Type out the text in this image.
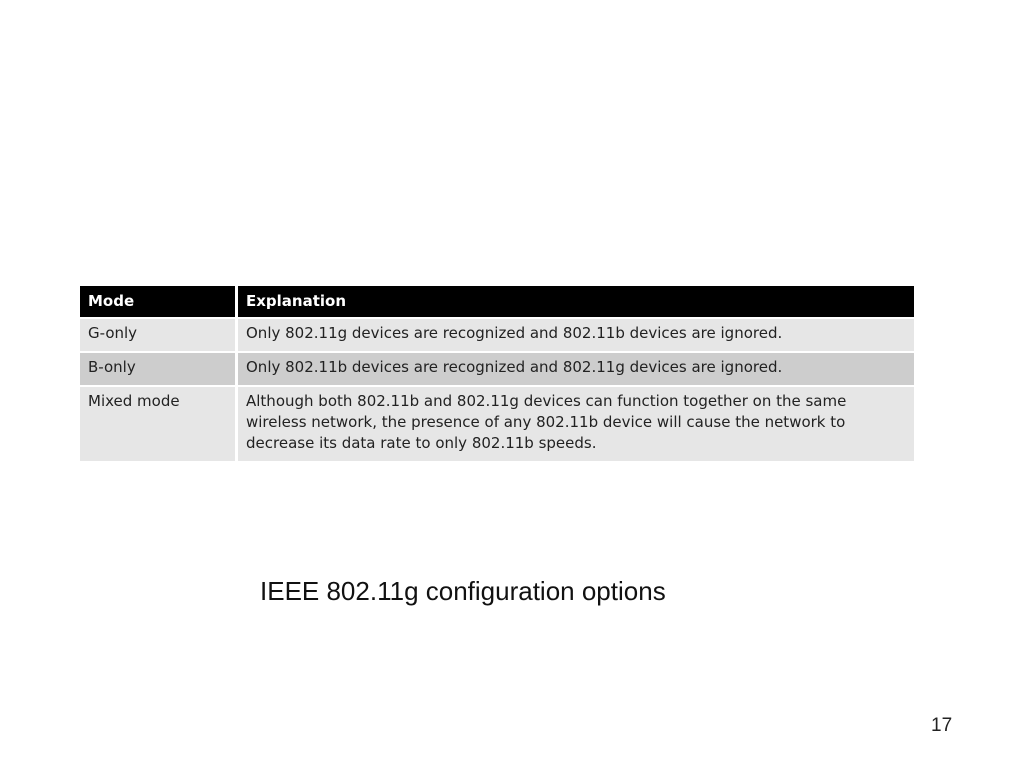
Mode	Explanation
G-only	Only 802.11g devices are recognized and 802.11b devices are ignored.
B-only	Only 802.11b devices are recognized and 802.11g devices are ignored.
Mixed mode	Although both 802.11b and 802.11g devices can function together on the same wireless network, the presence of any 802.11b device will cause the network to decrease its data rate to only 802.11b speeds.
IEEE 802.11g configuration options
17
